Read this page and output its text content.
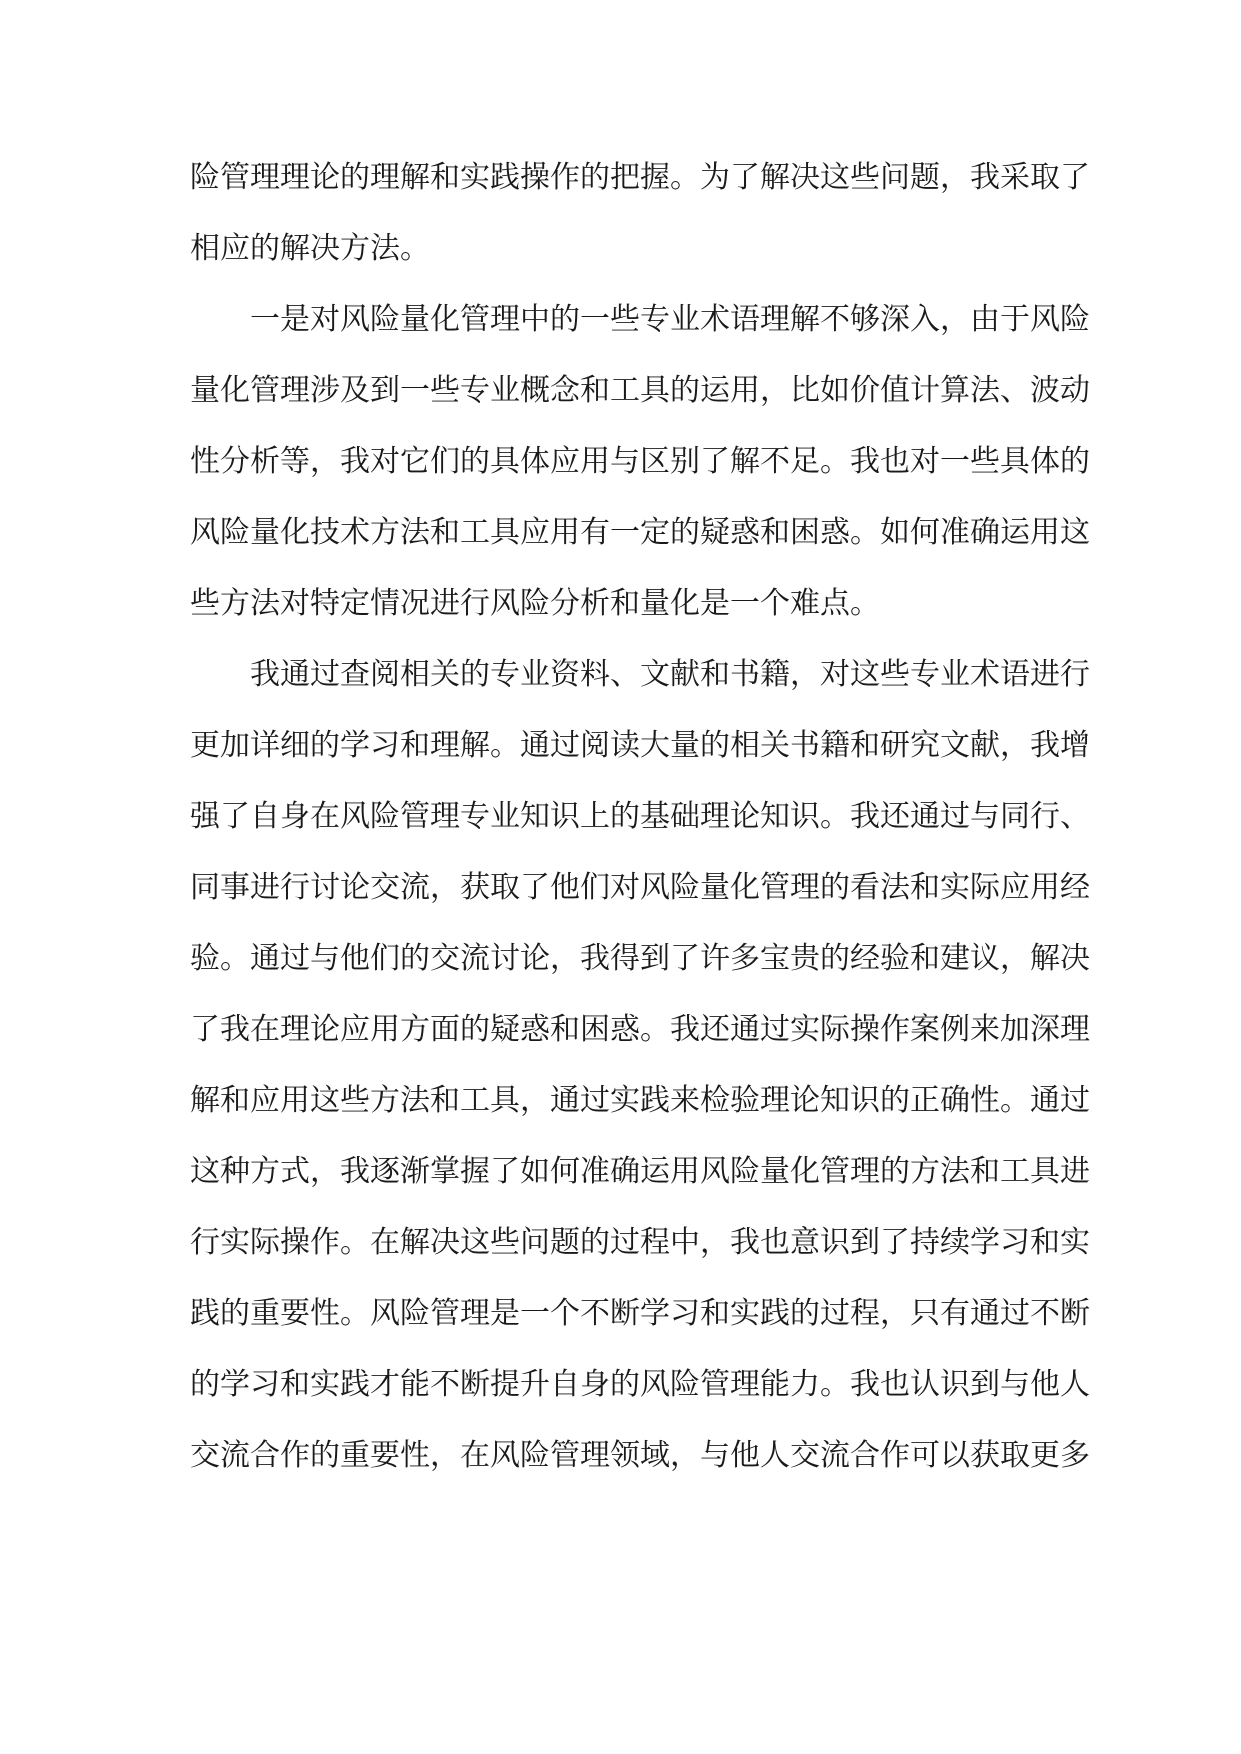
险管理理论的理解和实践操作的把握。为了解决这些问题，我采取了
相应的解决方法。
一是对风险量化管理中的一些专业术语理解不够深入，由于风险
量化管理涉及到一些专业概念和工具的运用，比如价值计算法、波动
性分析等，我对它们的具体应用与区别了解不足。我也对一些具体的
风险量化技术方法和工具应用有一定的疑惑和困惑。如何准确运用这
些方法对特定情况进行风险分析和量化是一个难点。
我通过查阅相关的专业资料、文献和书籍，对这些专业术语进行
更加详细的学习和理解。通过阅读大量的相关书籍和研究文献，我增
强了自身在风险管理专业知识上的基础理论知识。我还通过与同行、
同事进行讨论交流，获取了他们对风险量化管理的看法和实际应用经
验。通过与他们的交流讨论，我得到了许多宝贵的经验和建议，解决
了我在理论应用方面的疑惑和困惑。我还通过实际操作案例来加深理
解和应用这些方法和工具，通过实践来检验理论知识的正确性。通过
这种方式，我逐渐掌握了如何准确运用风险量化管理的方法和工具进
行实际操作。在解决这些问题的过程中，我也意识到了持续学习和实
践的重要性。风险管理是一个不断学习和实践的过程，只有通过不断
的学习和实践才能不断提升自身的风险管理能力。我也认识到与他人
交流合作的重要性，在风险管理领域，与他人交流合作可以获取更多
